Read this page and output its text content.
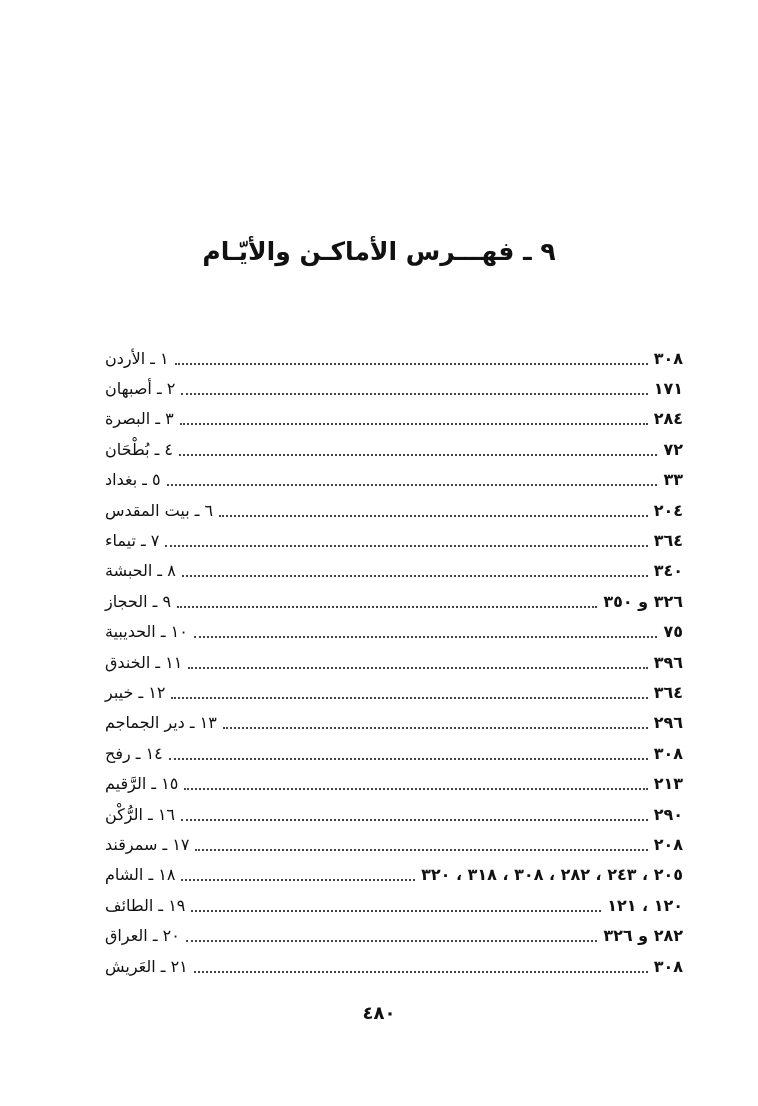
٩ ـ فهـــرس الأماكـن والأيّـام
١ ـ الأردن	٣٠٨
٢ ـ أصبهان	١٧١
٣ ـ البصرة	٢٨٤
٤ ـ بُطْحَان	٧٢
٥ ـ بغداد	٣٣
٦ ـ بيت المقدس	٢٠٤
٧ ـ تيماء	٣٦٤
٨ ـ الحبشة	٣٤٠
٩ ـ الحجاز	٣٢٦ و ٣٥٠
١٠ ـ الحديبية	٧٥
١١ ـ الخندق	٣٩٦
١٢ ـ خيبر	٣٦٤
١٣ ـ دير الجماجم	٢٩٦
١٤ ـ رفح	٣٠٨
١٥ ـ الرَّقيم	٢١٣
١٦ ـ الرُّكْن	٢٩٠
١٧ ـ سمرقند	٢٠٨
١٨ ـ الشام	٢٠٥ ، ٢٤٣ ، ٢٨٢ ، ٣٠٨ ، ٣١٨ ، ٣٢٠
١٩ ـ الطائف	١٢٠ ، ١٢١
٢٠ ـ العراق	٢٨٢ و ٣٢٦
٢١ ـ العَريش	٣٠٨
٤٨٠
